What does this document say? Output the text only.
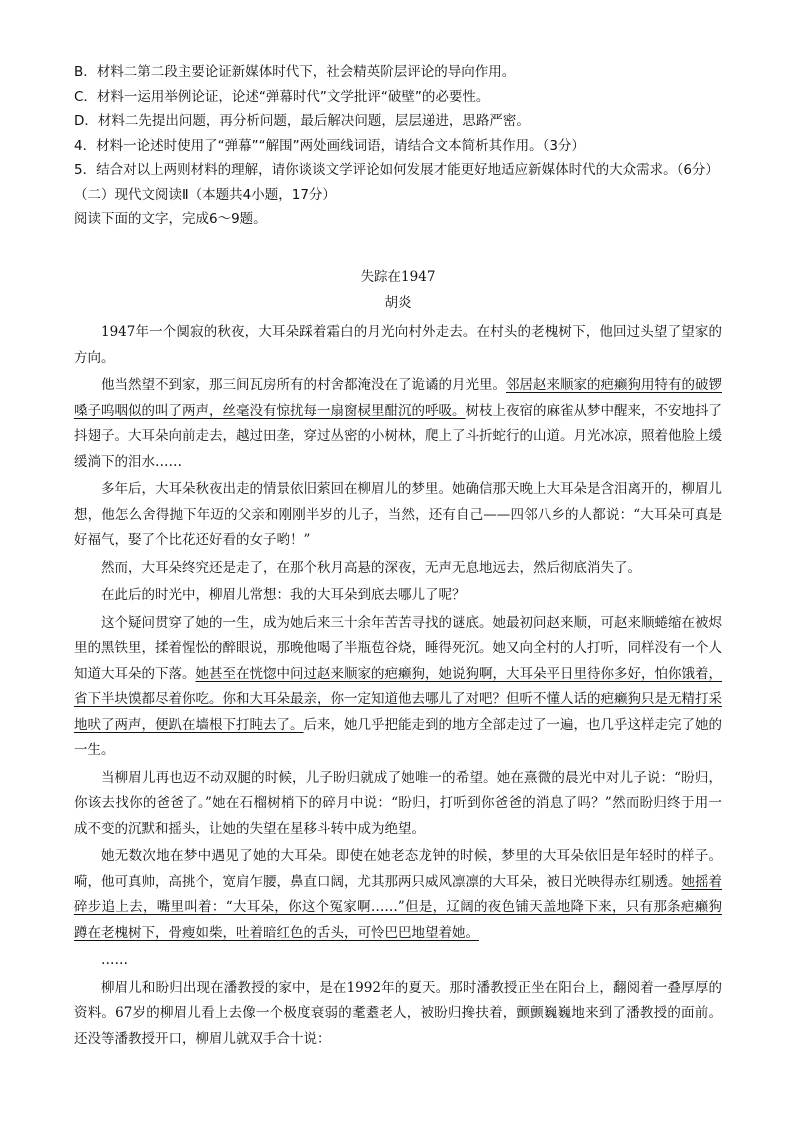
B．材料二第二段主要论证新媒体时代下，社会精英阶层评论的导向作用。
C．材料一运用举例论证，论述“弹幕时代”文学批评“破壁”的必要性。
D．材料二先提出问题，再分析问题，最后解决问题，层层递进，思路严密。
4．材料一论述时使用了“弹幕”“解围”两处画线词语，请结合文本简析其作用。（3分）
5．结合对以上两则材料的理解，请你谈谈文学评论如何发展才能更好地适应新媒体时代的大众需求。（6分）
（二）现代文阅读Ⅱ（本题共4小题，17分）
阅读下面的文字，完成6～9题。
失踪在1947
胡炎

1947年一个阒寂的秋夜，大耳朵踩着霜白的月光向村外走去。在村头的老槐树下，他回过头望了望家的方向。

他当然望不到家，那三间瓦房所有的村舍都淹没在了诡谲的月光里。邻居赵来顺家的疤癞狗用特有的破锣嗓子呜咽似的叫了两声，丝毫没有惊扰每一扇窗棂里酣沉的呼吸。树枝上夜宿的麻雀从梦中醒来，不安地抖了抖翅子。大耳朵向前走去，越过田垄，穿过丛密的小树林，爬上了斗折蛇行的山道。月光冰凉，照着他脸上缓缓淌下的泪水……

多年后，大耳朵秋夜出走的情景依旧萦回在柳眉儿的梦里。她确信那天晚上大耳朵是含泪离开的，柳眉儿想，他怎么舍得抛下年迈的父亲和刚刚半岁的儿子，当然，还有自己——四邻八乡的人都说：“大耳朵可真是好福气，娶了个比花还好看的女子哟！”

然而，大耳朵终究还是走了，在那个秋月高悬的深夜，无声无息地远去，然后彻底消失了。

在此后的时光中，柳眉儿常想：我的大耳朵到底去哪儿了呢？

这个疑问贯穿了她的一生，成为她后来三十余年苦苦寻找的谜底。她最初问赵来顺，可赵来顺蜷缩在被烬里的黑铁里，揉着惺忪的醉眼说，那晚他喝了半瓶苞谷烧，睡得死沉。她又向全村的人打听，同样没有一个人知道大耳朵的下落。她甚至在恍惚中问过赵来顺家的疤癞狗，她说狗啊，大耳朵平日里待你多好，怕你饿着，省下半块馍都尽着你吃。你和大耳朵最亲，你一定知道他去哪儿了对吧？但听不懂人话的疤癞狗只是无精打采地吠了两声，便趴在墙根下打盹去了。后来，她几乎把能走到的地方全部走过了一遍，也几乎这样走完了她的一生。

当柳眉儿再也迈不动双腿的时候，儿子盼归就成了她唯一的希望。她在熹微的晨光中对儿子说：“盼归，你该去找你的爸爸了。”她在石榴树梢下的碎月中说：“盼归，打听到你爸爸的消息了吗？”然而盼归终于用一成不变的沉默和摇头，让她的失望在星移斗转中成为绝望。

她无数次地在梦中遇见了她的大耳朵。即使在她老态龙钟的时候，梦里的大耳朵依旧是年轻时的样子。嗬，他可真帅，高挑个，宽肩乍腰，鼻直口阔，尤其那两只威风凛凛的大耳朵，被日光映得赤红剔透。她摇着碎步追上去，嘴里叫着：“大耳朵，你这个冤家啊……”但是，辽阔的夜色铺天盖地降下来，只有那条疤癞狗蹲在老槐树下，骨瘦如柴，吐着暗红色的舌头，可怜巴巴地望着她。

……

柳眉儿和盼归出现在潘教授的家中，是在1992年的夏天。那时潘教授正坐在阳台上，翻阅着一叠厚厚的资料。67岁的柳眉儿看上去像一个极度衰弱的耄耋老人，被盼归搀扶着，颤颤巍巍地来到了潘教授的面前。还没等潘教授开口，柳眉儿就双手合十说：
